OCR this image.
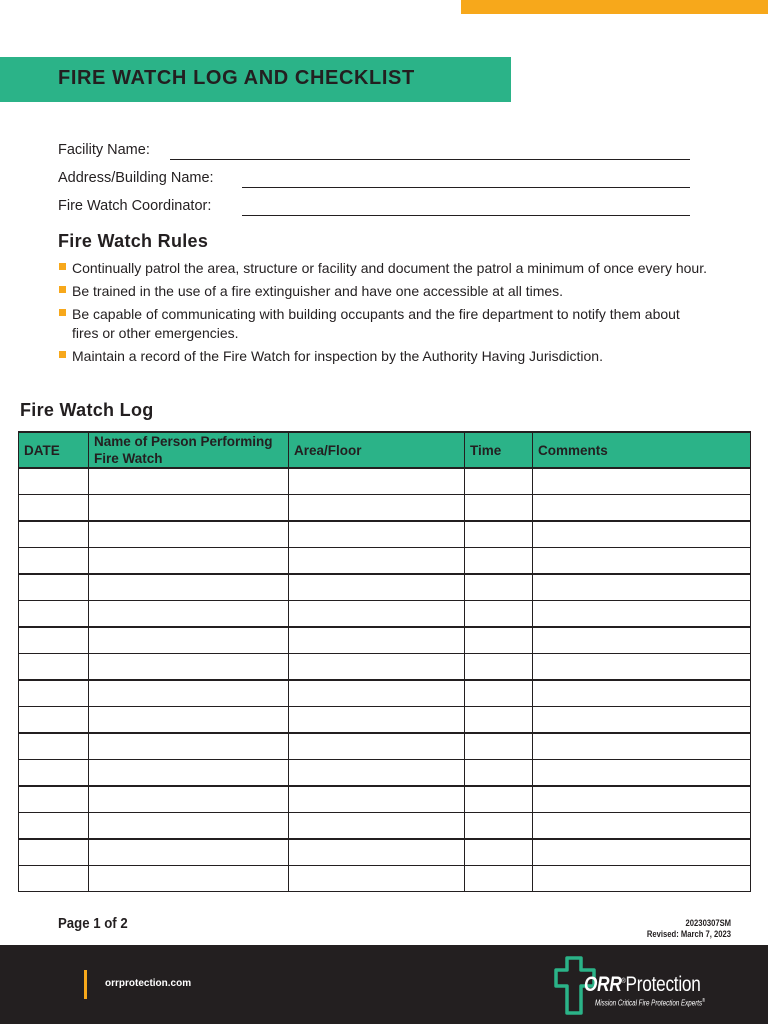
FIRE WATCH LOG AND CHECKLIST
Facility Name:
Address/Building Name:
Fire Watch Coordinator:
Fire Watch Rules
Continually patrol the area, structure or facility and document the patrol a minimum of once every hour.
Be trained in the use of a fire extinguisher and have one accessible at all times.
Be capable of communicating with building occupants and the fire department to notify them about fires or other emergencies.
Maintain a record of the Fire Watch for inspection by the Authority Having Jurisdiction.
Fire Watch Log
DATE	Name of Person Performing Fire Watch	Area/Floor	Time	Comments

Page 1 of 2	20230307SM
Revised: March 7, 2023
orrprotection.com	ORR®Protection
Mission Critical Fire Protection Experts®
